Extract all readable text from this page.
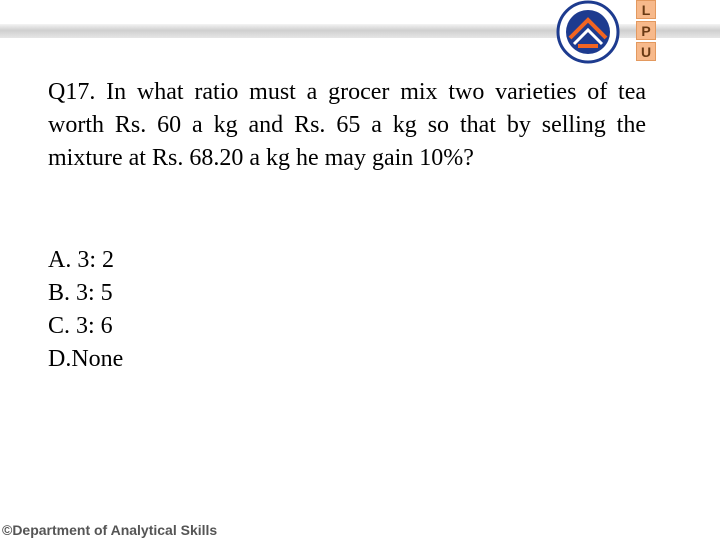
L
P
U

Q17. In what ratio must a grocer mix two varieties of tea worth Rs. 60 a kg and Rs. 65 a kg so that by selling the mixture at Rs. 68.20 a kg he may gain 10%?

A. 3: 2
B. 3: 5
C. 3: 6
D.None
©Department of Analytical Skills
